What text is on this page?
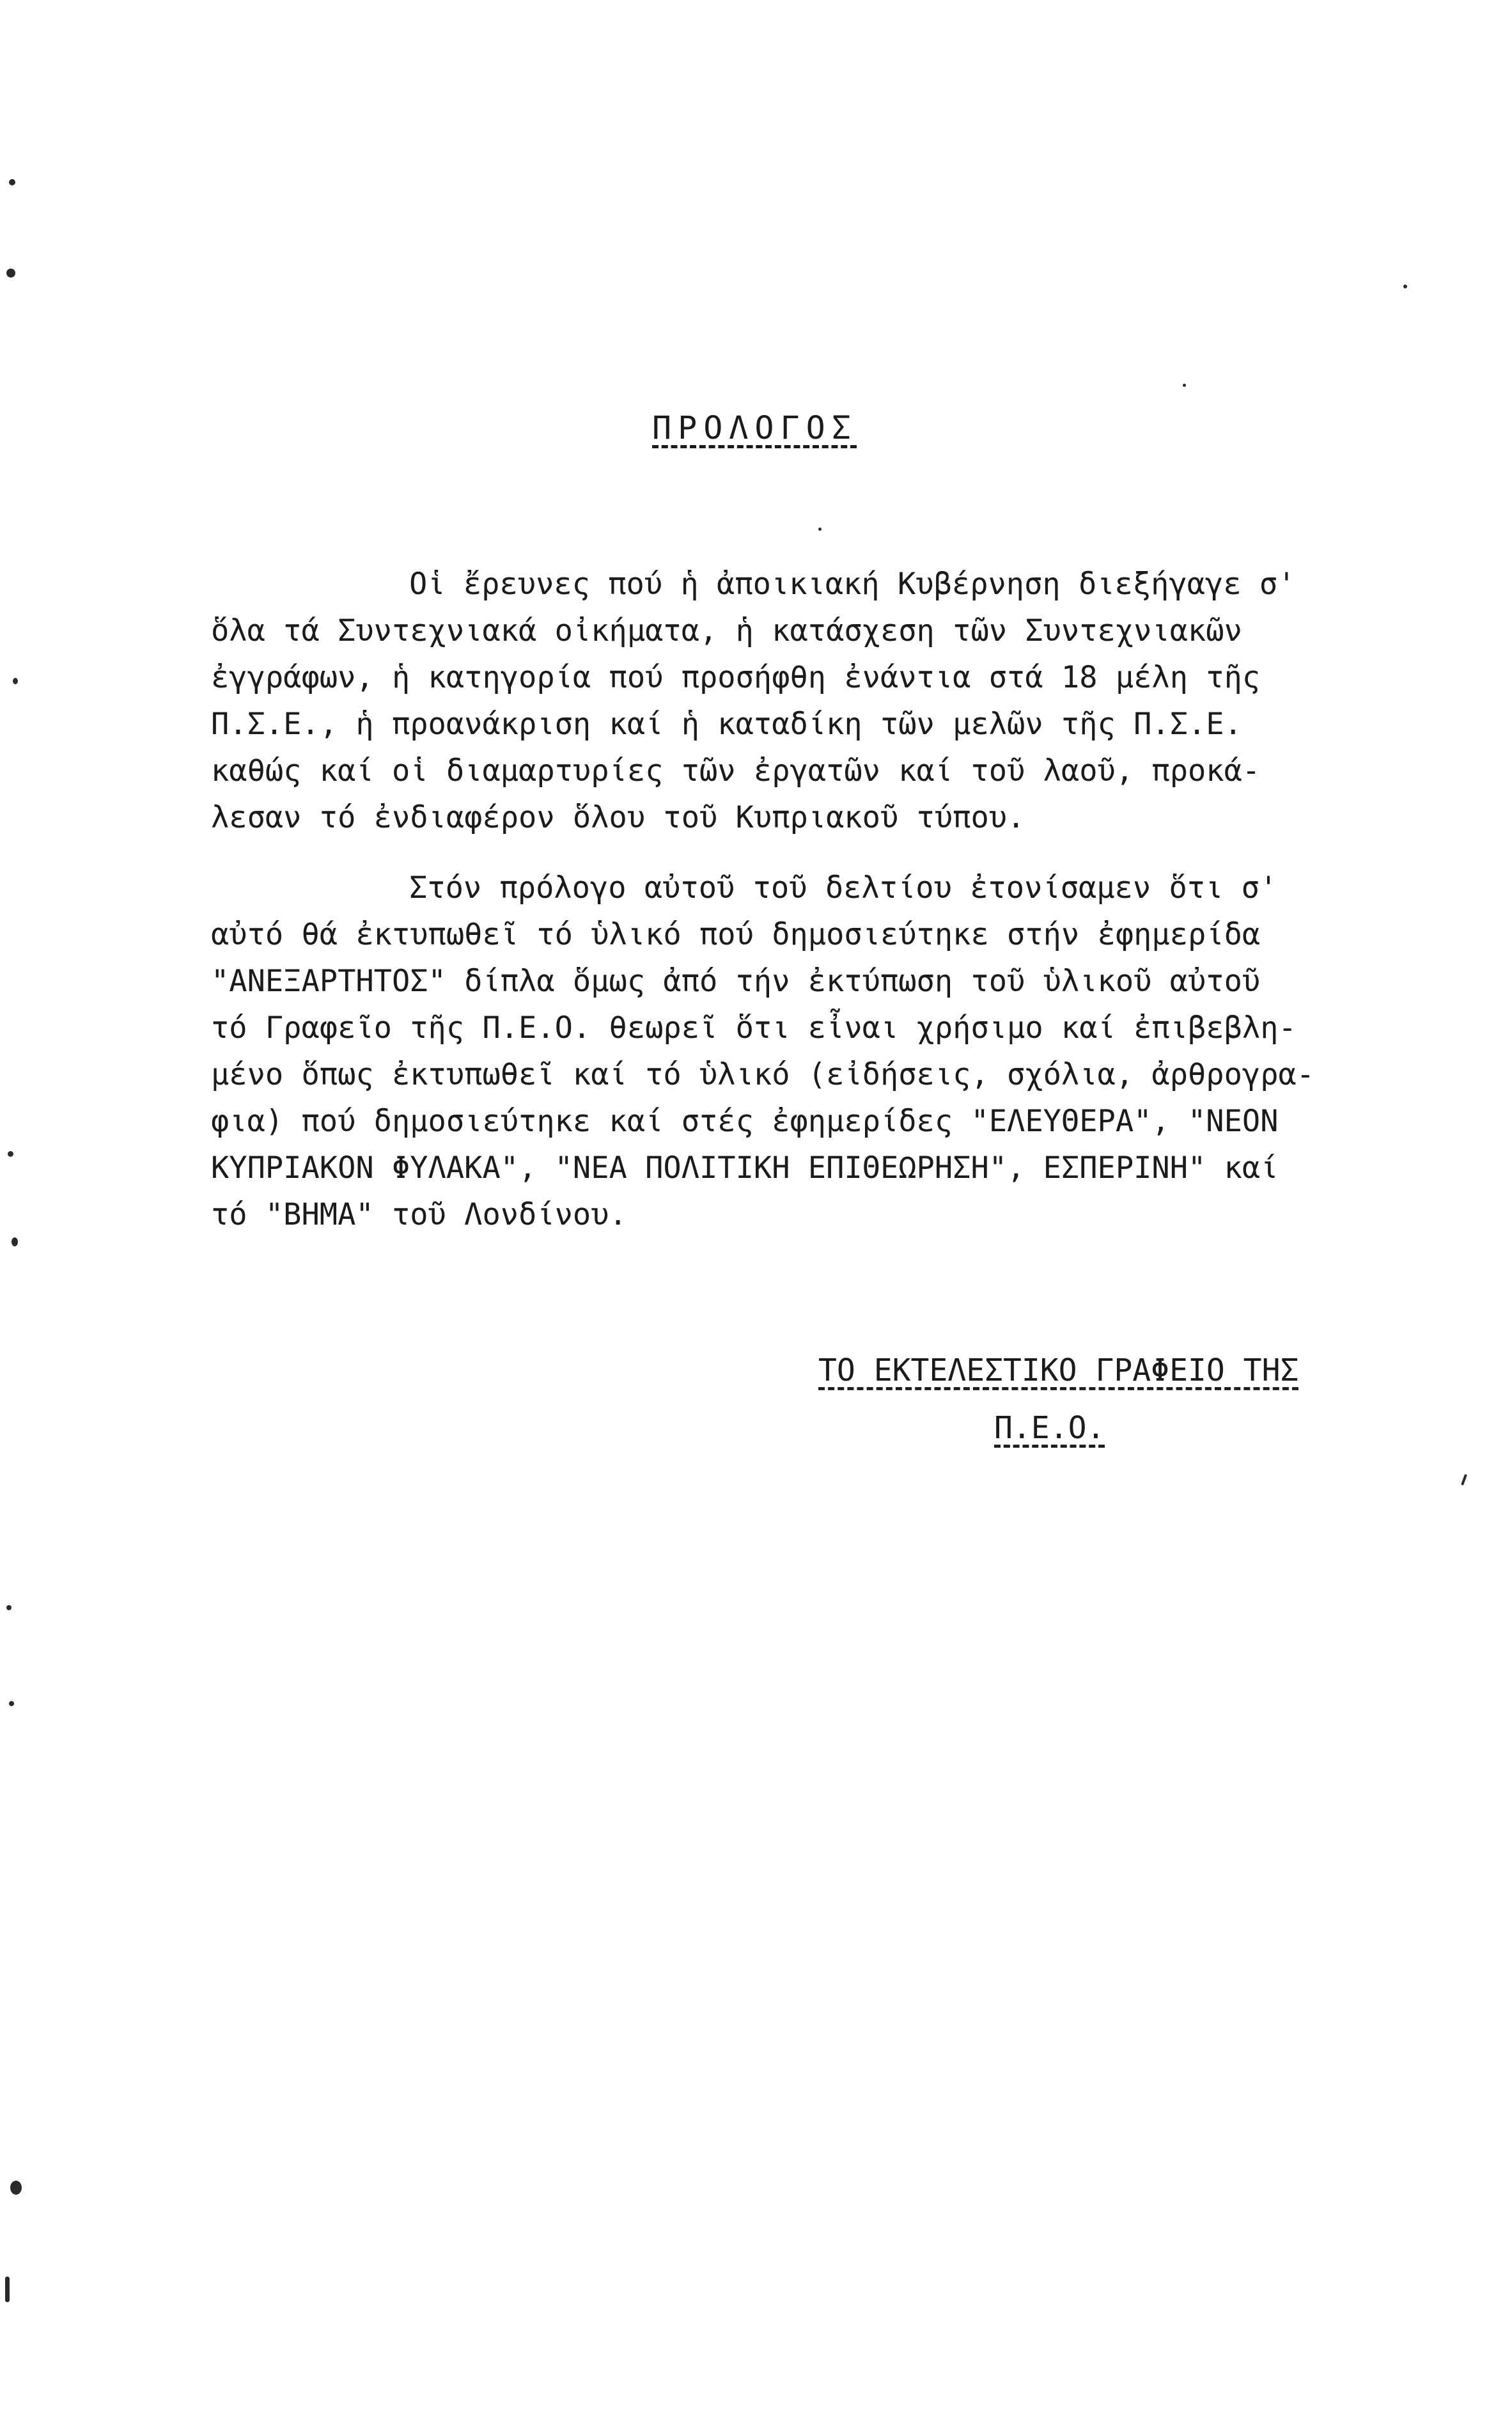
ΠΡΟΛΟΓΟΣ
Οἱ ἔρευνες πού ἡ ἀποικιακή Κυβέρνηση διεξήγαγε σ'
ὅλα τά Συντεχνιακά οἰκήματα, ἡ κατάσχεση τῶν Συντεχνιακῶν
ἐγγράφων, ἡ κατηγορία πού προσήφθη ἐνάντια στά 18 μέλη τῆς
Π.Σ.Ε., ἡ προανάκριση καί ἡ καταδίκη τῶν μελῶν τῆς Π.Σ.Ε.
καθώς καί οἱ διαμαρτυρίες τῶν ἐργατῶν καί τοῦ λαοῦ, προκά-
λεσαν τό ἐνδιαφέρον ὅλου τοῦ Κυπριακοῦ τύπου.
Στόν πρόλογο αὐτοῦ τοῦ δελτίου ἐτονίσαμεν ὅτι σ'
αὐτό θά ἐκτυπωθεῖ τό ὑλικό πού δημοσιεύτηκε στήν ἐφημερίδα
"ΑΝΕΞΑΡΤΗΤΟΣ" δίπλα ὅμως ἀπό τήν ἐκτύπωση τοῦ ὑλικοῦ αὐτοῦ
τό Γραφεῖο τῆς Π.Ε.Ο. θεωρεῖ ὅτι εἶναι χρήσιμο καί ἐπιβεβλη-
μένο ὅπως ἐκτυπωθεῖ καί τό ὑλικό (εἰδήσεις, σχόλια, ἀρθρογρα-
φια) πού δημοσιεύτηκε καί στές ἐφημερίδες "ΕΛΕΥΘΕΡΑ", "ΝΕΟΝ
ΚΥΠΡΙΑΚΟΝ ΦΥΛΑΚΑ", "ΝΕΑ ΠΟΛΙΤΙΚΗ ΕΠΙΘΕΩΡΗΣΗ", ΕΣΠΕΡΙΝΗ" καί
τό "ΒΗΜΑ" τοῦ Λονδίνου.
ΤΟ ΕΚΤΕΛΕΣΤΙΚΟ ΓΡΑΦΕΙΟ ΤΗΣ
Π.Ε.Ο.
